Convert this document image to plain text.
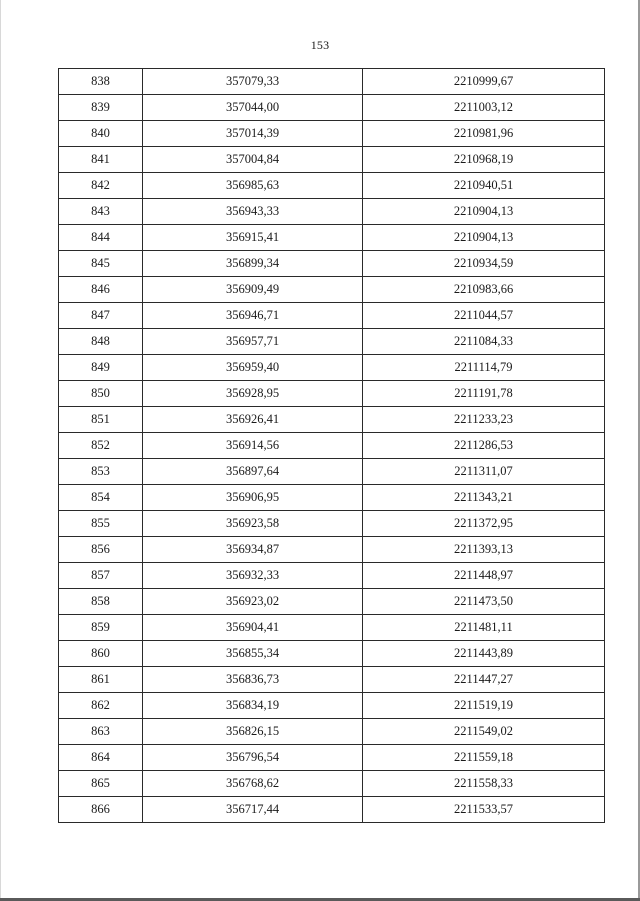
153
838	357079,33	2210999,67
839	357044,00	2211003,12
840	357014,39	2210981,96
841	357004,84	2210968,19
842	356985,63	2210940,51
843	356943,33	2210904,13
844	356915,41	2210904,13
845	356899,34	2210934,59
846	356909,49	2210983,66
847	356946,71	2211044,57
848	356957,71	2211084,33
849	356959,40	2211114,79
850	356928,95	2211191,78
851	356926,41	2211233,23
852	356914,56	2211286,53
853	356897,64	2211311,07
854	356906,95	2211343,21
855	356923,58	2211372,95
856	356934,87	2211393,13
857	356932,33	2211448,97
858	356923,02	2211473,50
859	356904,41	2211481,11
860	356855,34	2211443,89
861	356836,73	2211447,27
862	356834,19	2211519,19
863	356826,15	2211549,02
864	356796,54	2211559,18
865	356768,62	2211558,33
866	356717,44	2211533,57
